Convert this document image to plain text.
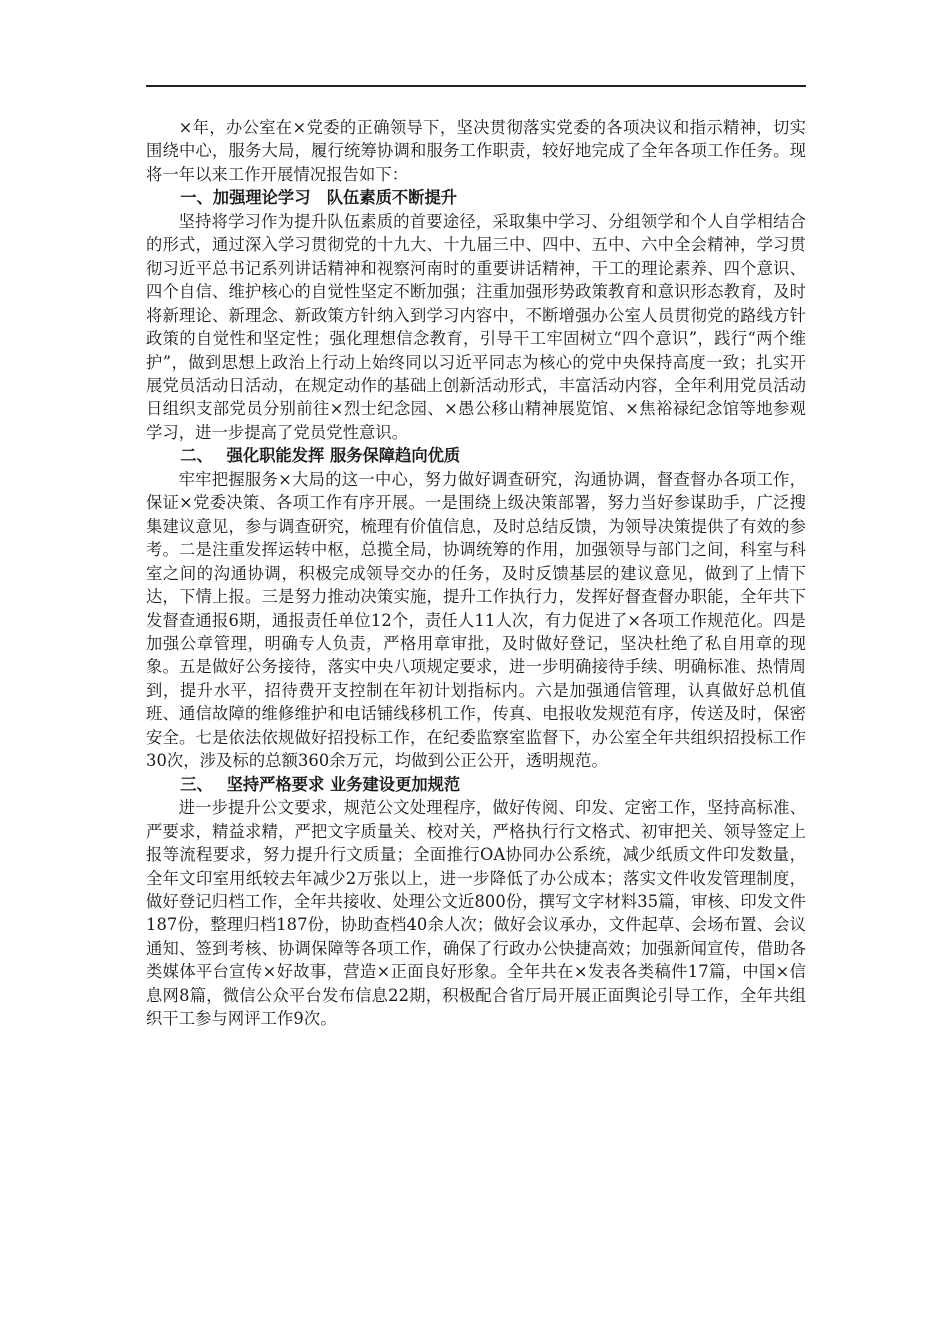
×年，办公室在×党委的正确领导下，坚决贯彻落实党委的各项决议和指示精神，切实围绕中心，服务大局，履行统筹协调和服务工作职责，较好地完成了全年各项工作任务。现将一年以来工作开展情况报告如下：

一、加强理论学习　队伍素质不断提升

坚持将学习作为提升队伍素质的首要途径，采取集中学习、分组领学和个人自学相结合的形式，通过深入学习贯彻党的十九大、十九届三中、四中、五中、六中全会精神，学习贯彻习近平总书记系列讲话精神和视察河南时的重要讲话精神，干工的理论素养、四个意识、四个自信、维护核心的自觉性坚定不断加强；注重加强形势政策教育和意识形态教育，及时将新理论、新理念、新政策方针纳入到学习内容中，不断增强办公室人员贯彻党的路线方针政策的自觉性和坚定性；强化理想信念教育，引导干工牢固树立“四个意识”，践行“两个维护”，做到思想上政治上行动上始终同以习近平同志为核心的党中央保持高度一致；扎实开展党员活动日活动，在规定动作的基础上创新活动形式，丰富活动内容，全年利用党员活动日组织支部党员分别前往×烈士纪念园、×愚公移山精神展览馆、×焦裕禄纪念馆等地参观学习，进一步提高了党员党性意识。

二、　 强化职能发挥 服务保障趋向优质

牢牢把握服务×大局的这一中心，努力做好调查研究，沟通协调，督查督办各项工作，保证×党委决策、各项工作有序开展。一是围绕上级决策部署，努力当好参谋助手，广泛搜集建议意见，参与调查研究，梳理有价值信息，及时总结反馈，为领导决策提供了有效的参考。二是注重发挥运转中枢，总揽全局，协调统筹的作用，加强领导与部门之间，科室与科室之间的沟通协调，积极完成领导交办的任务，及时反馈基层的建议意见，做到了上情下达，下情上报。三是努力推动决策实施，提升工作执行力，发挥好督查督办职能，全年共下发督查通报6期，通报责任单位12个，责任人11人次，有力促进了×各项工作规范化。四是加强公章管理，明确专人负责，严格用章审批，及时做好登记，坚决杜绝了私自用章的现象。五是做好公务接待，落实中央八项规定要求，进一步明确接待手续、明确标准、热情周到，提升水平，招待费开支控制在年初计划指标内。六是加强通信管理，认真做好总机值班、通信故障的维修维护和电话铺线移机工作，传真、电报收发规范有序，传送及时，保密安全。七是依法依规做好招投标工作，在纪委监察室监督下，办公室全年共组织招投标工作30次，涉及标的总额360余万元，均做到公正公开，透明规范。

三、　 坚持严格要求 业务建设更加规范

进一步提升公文要求，规范公文处理程序，做好传阅、印发、定密工作，坚持高标准、严要求，精益求精，严把文字质量关、校对关，严格执行行文格式、初审把关、领导签定上报等流程要求，努力提升行文质量；全面推行OA协同办公系统，减少纸质文件印发数量，全年文印室用纸较去年减少2万张以上，进一步降低了办公成本；落实文件收发管理制度，做好登记归档工作，全年共接收、处理公文近800份，撰写文字材料35篇，审核、印发文件187份，整理归档187份，协助查档40余人次；做好会议承办，文件起草、会场布置、会议通知、签到考核、协调保障等各项工作，确保了行政办公快捷高效；加强新闻宣传，借助各类媒体平台宣传×好故事，营造×正面良好形象。全年共在×发表各类稿件17篇，中国×信息网8篇，微信公众平台发布信息22期，积极配合省厅局开展正面舆论引导工作，全年共组织干工参与网评工作9次。
